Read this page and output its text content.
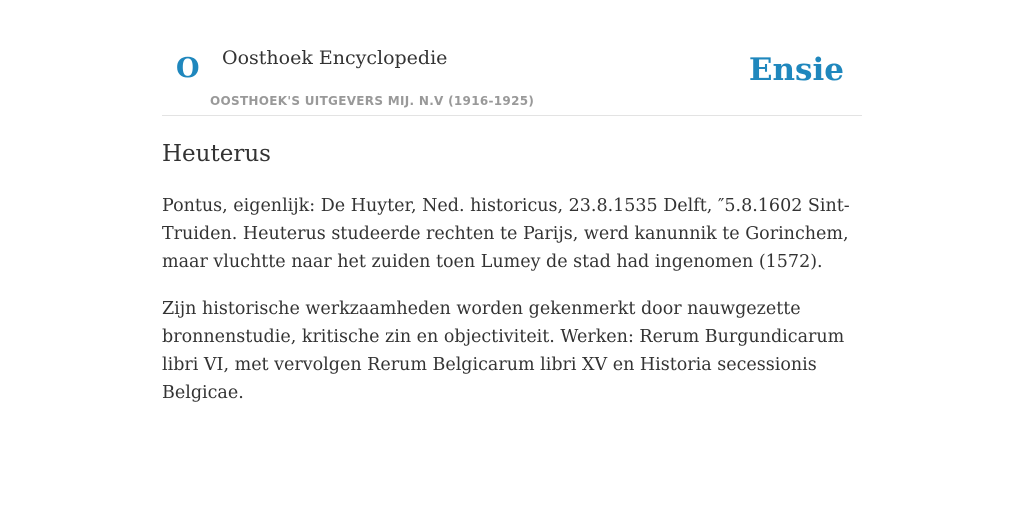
O Oosthoek Encyclopedie
OOSTHOEK'S UITGEVERS MIJ. N.V (1916-1925)
Ensie
Heuterus

Pontus, eigenlijk: De Huyter, Ned. historicus, 23.8.1535 Delft, ″5.8.1602 Sint-Truiden. Heuterus studeerde rechten te Parijs, werd kanunnik te Gorinchem, maar vluchtte naar het zuiden toen Lumey de stad had ingenomen (1572).

Zijn historische werkzaamheden worden gekenmerkt door nauwgezette bronnenstudie, kritische zin en objectiviteit. Werken: Rerum Burgundicarum libri VI, met vervolgen Rerum Belgicarum libri XV en Historia secessionis Belgicae.
